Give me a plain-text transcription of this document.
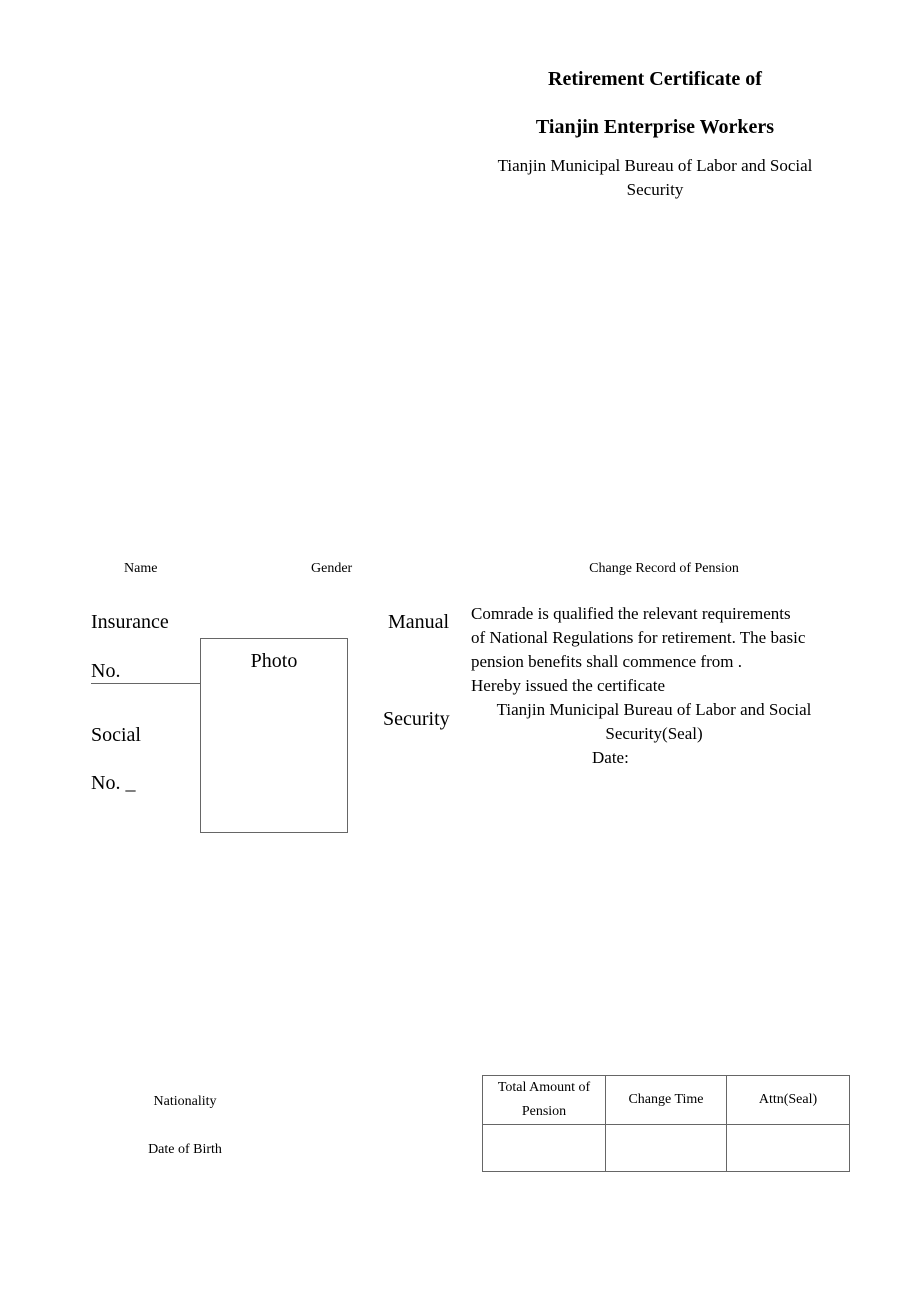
Retirement Certificate of
Tianjin Enterprise Workers
Tianjin Municipal Bureau of Labor and Social Security
Name	Gender	Change Record of Pension
Insurance
No.
Social
No. _
Photo
Manual
Security
Comrade is qualified the relevant requirements
of National Regulations for retirement. The basic
pension benefits shall commence from .
Hereby issued the certificate
Tianjin Municipal Bureau of Labor and Social
Security(Seal)
Date:
Nationality
Date of Birth
Total Amount of Pension	Change Time	Attn(Seal)
